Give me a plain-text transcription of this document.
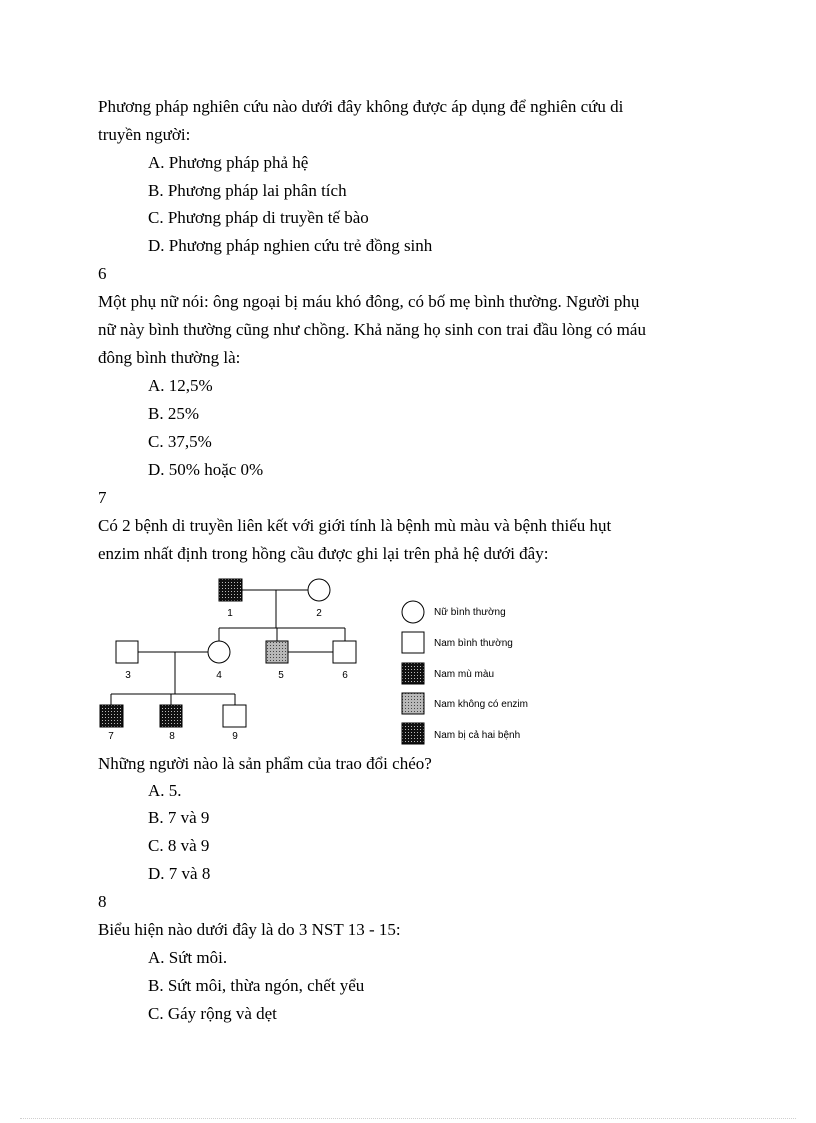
Phương pháp nghiên cứu nào dưới đây không được áp dụng để nghiên cứu di
truyền người:
A. Phương pháp phả hệ
B. Phương pháp lai phân tích
C. Phương pháp di truyền tế bào
D. Phương pháp nghien cứu trẻ đồng sinh
6
Một phụ nữ nói: ông ngoại bị máu khó đông, có bố mẹ bình thường. Người phụ
nữ này bình thường cũng như chồng. Khả năng họ sinh con trai đầu lòng có máu
đông bình thường là:
A. 12,5%
B. 25%
C. 37,5%
D. 50% hoặc 0%
7
Có 2 bệnh di truyền liên kết với giới tính là bệnh mù màu và bệnh thiếu hụt
enzim nhất định trong hồng cầu được ghi lại trên phả hệ dưới đây:
1	2
3	4	5	6
7	8	9
Nữ bình thường
Nam bình thường
Nam mù màu
Nam không có enzim
Nam bị cả hai bệnh
Những người nào là sản phẩm của trao đổi chéo?
A. 5.
B. 7 và 9
C. 8 và 9
D. 7 và 8
8
Biểu hiện nào dưới đây là do 3 NST 13 - 15:
A. Sứt môi.
B. Sứt môi, thừa ngón, chết yểu
C. Gáy rộng và dẹt
